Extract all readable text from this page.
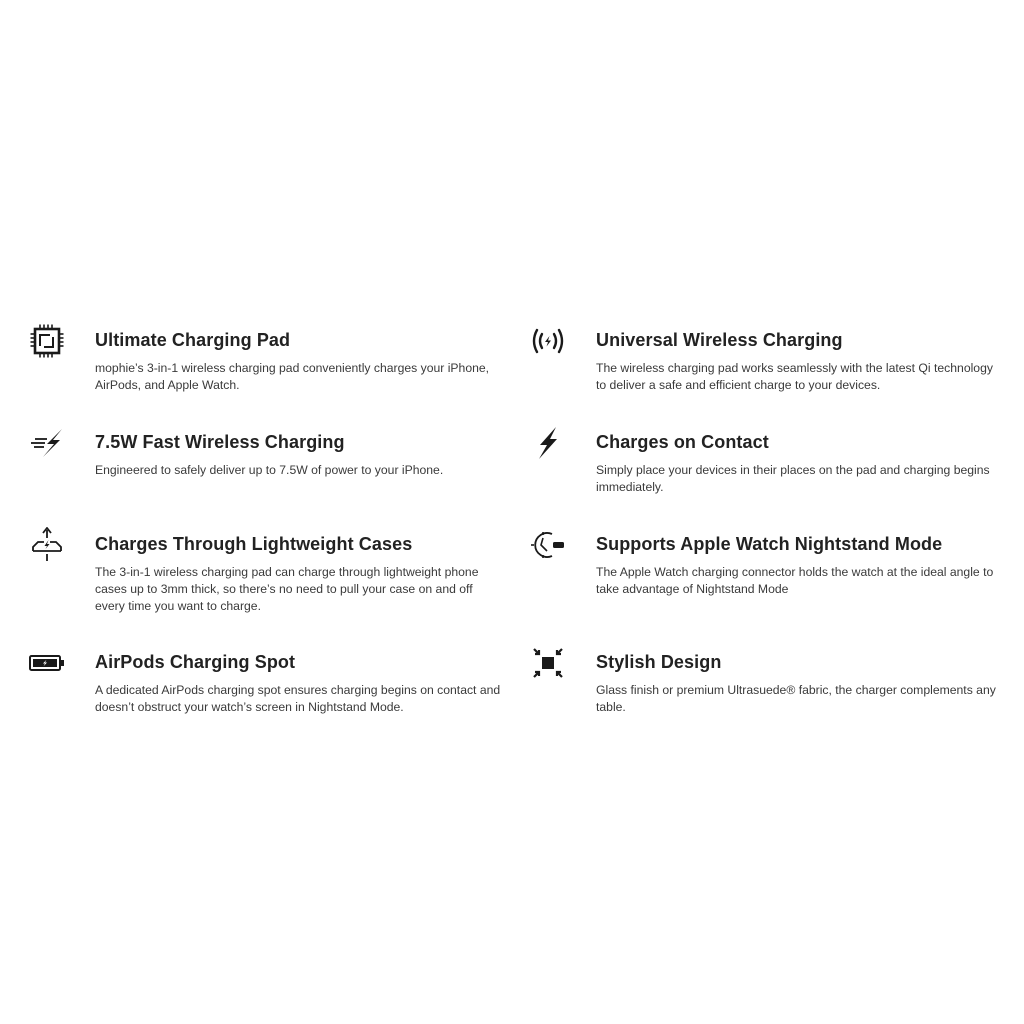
Ultimate Charging Pad

mophie’s 3-in-1 wireless charging pad conveniently charges your iPhone, AirPods, and Apple Watch.

Universal Wireless Charging

The wireless charging pad works seamlessly with the latest Qi technology to deliver a safe and efficient charge to your devices.

7.5W Fast Wireless Charging

Engineered to safely deliver up to 7.5W of power to your iPhone.

Charges on Contact

Simply place your devices in their places on the pad and charging begins immediately.

Charges Through Lightweight Cases

The 3-in-1 wireless charging pad can charge through lightweight phone cases up to 3mm thick, so there’s no need to pull your case on and off every time you want to charge.

Supports Apple Watch Nightstand Mode

The Apple Watch charging connector holds the watch at the ideal angle to take advantage of Nightstand Mode

AirPods Charging Spot

A dedicated AirPods charging spot ensures charging begins on contact and doesn’t obstruct your watch’s screen in Nightstand Mode.

Stylish Design

Glass finish or premium Ultrasuede® fabric, the charger complements any table.
